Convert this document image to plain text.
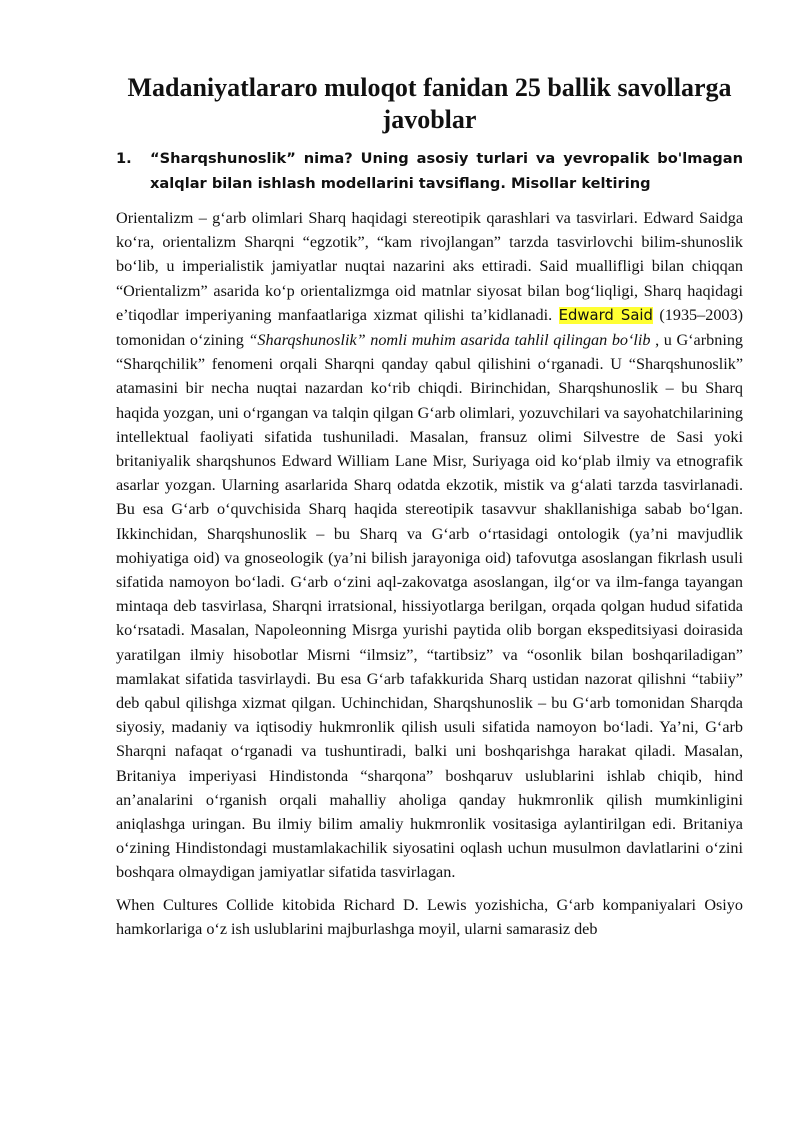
Madaniyatlararo muloqot fanidan 25 ballik savollarga javoblar
1.	“Sharqshunoslik” nima? Uning asosiy turlari va yevropalik bo'lmagan xalqlar bilan ishlash modellarini tavsiflang. Misollar keltiring

Orientalizm – g‘arb olimlari Sharq haqidagi stereotipik qarashlari va tasvirlari. Edward Saidga ko‘ra, orientalizm Sharqni “egzotik”, “kam rivojlangan” tarzda tasvirlovchi bilim-shunoslik bo‘lib, u imperialistik jamiyatlar nuqtai nazarini aks ettiradi. Said muallifligi bilan chiqqan “Orientalizm” asarida ko‘p orientalizmga oid matnlar siyosat bilan bog‘liqligi, Sharq haqidagi e’tiqodlar imperiyaning manfaatlariga xizmat qilishi ta’kidlanadi. Edward Said (1935–2003) tomonidan o‘zining “Sharqshunoslik” nomli muhim asarida tahlil qilingan bo‘lib , u G‘arbning “Sharqchilik” fenomeni orqali Sharqni qanday qabul qilishini o‘rganadi. U “Sharqshunoslik” atamasini bir necha nuqtai nazardan ko‘rib chiqdi. Birinchidan, Sharqshunoslik – bu Sharq haqida yozgan, uni o‘rgangan va talqin qilgan G‘arb olimlari, yozuvchilari va sayohatchilarining intellektual faoliyati sifatida tushuniladi. Masalan, fransuz olimi Silvestre de Sasi yoki britaniyalik sharqshunos Edward William Lane Misr, Suriyaga oid ko‘plab ilmiy va etnografik asarlar yozgan. Ularning asarlarida Sharq odatda ekzotik, mistik va g‘alati tarzda tasvirlanadi. Bu esa G‘arb o‘quvchisida Sharq haqida stereotipik tasavvur shakllanishiga sabab bo‘lgan. Ikkinchidan, Sharqshunoslik – bu Sharq va G‘arb o‘rtasidagi ontologik (ya’ni mavjudlik mohiyatiga oid) va gnoseologik (ya’ni bilish jarayoniga oid) tafovutga asoslangan fikrlash usuli sifatida namoyon bo‘ladi. G‘arb o‘zini aql-zakovatga asoslangan, ilg‘or va ilm-fanga tayangan mintaqa deb tasvirlasa, Sharqni irratsional, hissiyotlarga berilgan, orqada qolgan hudud sifatida ko‘rsatadi. Masalan, Napoleonning Misrga yurishi paytida olib borgan ekspeditsiyasi doirasida yaratilgan ilmiy hisobotlar Misrni “ilmsiz”, “tartibsiz” va “osonlik bilan boshqariladigan” mamlakat sifatida tasvirlaydi. Bu esa G‘arb tafakkurida Sharq ustidan nazorat qilishni “tabiiy” deb qabul qilishga xizmat qilgan. Uchinchidan, Sharqshunoslik – bu G‘arb tomonidan Sharqda siyosiy, madaniy va iqtisodiy hukmronlik qilish usuli sifatida namoyon bo‘ladi. Ya’ni, G‘arb Sharqni nafaqat o‘rganadi va tushuntiradi, balki uni boshqarishga harakat qiladi. Masalan, Britaniya imperiyasi Hindistonda “sharqona” boshqaruv uslublarini ishlab chiqib, hind an’analarini o‘rganish orqali mahalliy aholiga qanday hukmronlik qilish mumkinligini aniqlashga uringan. Bu ilmiy bilim amaliy hukmronlik vositasiga aylantirilgan edi. Britaniya o‘zining Hindistondagi mustamlakachilik siyosatini oqlash uchun musulmon davlatlarini o‘zini boshqara olmaydigan jamiyatlar sifatida tasvirlagan.

When Cultures Collide kitobida Richard D. Lewis yozishicha, G‘arb kompaniyalari Osiyo hamkorlariga o‘z ish uslublarini majburlashga moyil, ularni samarasiz deb
